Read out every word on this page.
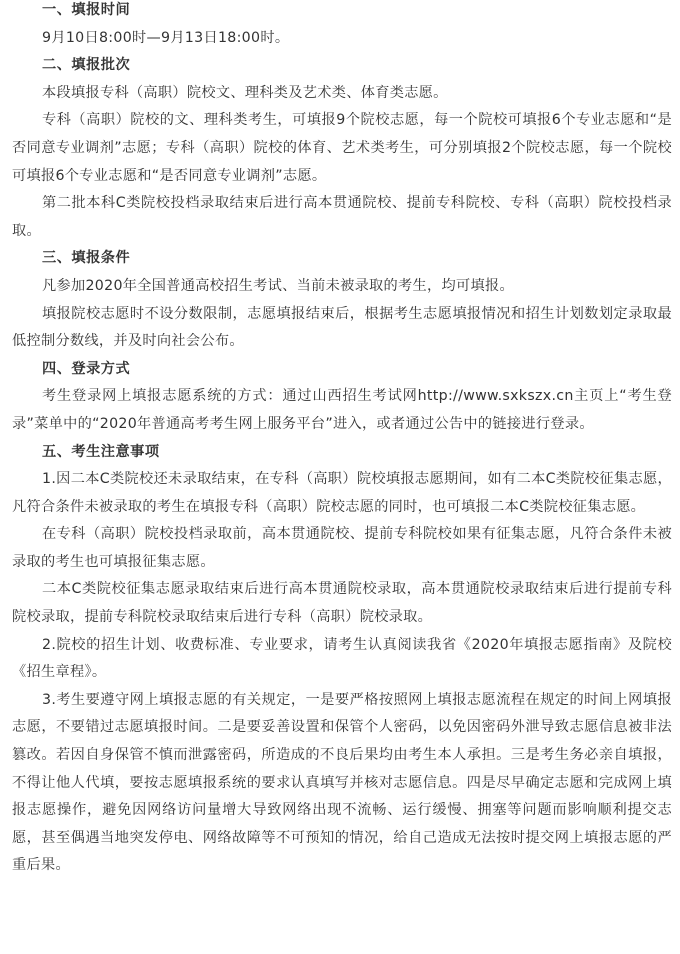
一、填报时间

9月10日8:00时—9月13日18:00时。

二、填报批次

本段填报专科（高职）院校文、理科类及艺术类、体育类志愿。

专科（高职）院校的文、理科类考生，可填报9个院校志愿，每一个院校可填报6个专业志愿和“是否同意专业调剂”志愿；专科（高职）院校的体育、艺术类考生，可分别填报2个院校志愿，每一个院校可填报6个专业志愿和“是否同意专业调剂”志愿。

第二批本科C类院校投档录取结束后进行高本贯通院校、提前专科院校、专科（高职）院校投档录取。

三、填报条件

凡参加2020年全国普通高校招生考试、当前未被录取的考生，均可填报。

填报院校志愿时不设分数限制，志愿填报结束后，根据考生志愿填报情况和招生计划数划定录取最低控制分数线，并及时向社会公布。

四、登录方式

考生登录网上填报志愿系统的方式：通过山西招生考试网http://www.sxkszx.cn主页上“考生登录”菜单中的“2020年普通高考考生网上服务平台”进入，或者通过公告中的链接进行登录。

五、考生注意事项

1.因二本C类院校还未录取结束，在专科（高职）院校填报志愿期间，如有二本C类院校征集志愿，凡符合条件未被录取的考生在填报专科（高职）院校志愿的同时，也可填报二本C类院校征集志愿。

在专科（高职）院校投档录取前，高本贯通院校、提前专科院校如果有征集志愿，凡符合条件未被录取的考生也可填报征集志愿。

二本C类院校征集志愿录取结束后进行高本贯通院校录取，高本贯通院校录取结束后进行提前专科院校录取，提前专科院校录取结束后进行专科（高职）院校录取。

2.院校的招生计划、收费标准、专业要求，请考生认真阅读我省《2020年填报志愿指南》及院校《招生章程》。

3.考生要遵守网上填报志愿的有关规定，一是要严格按照网上填报志愿流程在规定的时间上网填报志愿，不要错过志愿填报时间。二是要妥善设置和保管个人密码，以免因密码外泄导致志愿信息被非法篡改。若因自身保管不慎而泄露密码，所造成的不良后果均由考生本人承担。三是考生务必亲自填报，不得让他人代填，要按志愿填报系统的要求认真填写并核对志愿信息。四是尽早确定志愿和完成网上填报志愿操作，避免因网络访问量增大导致网络出现不流畅、运行缓慢、拥塞等问题而影响顺利提交志愿，甚至偶遇当地突发停电、网络故障等不可预知的情况，给自己造成无法按时提交网上填报志愿的严重后果。
